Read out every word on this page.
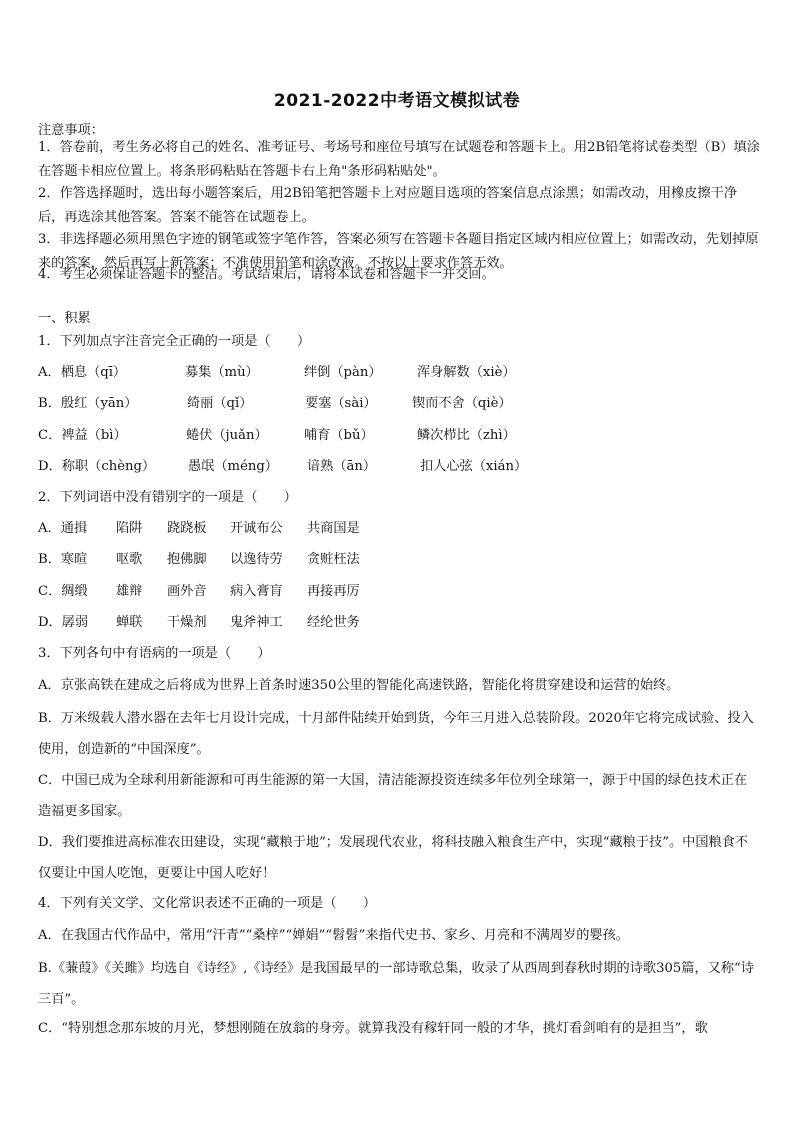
2021-2022中考语文模拟试卷
注意事项：
1．答卷前，考生务必将自己的姓名、准考证号、考场号和座位号填写在试题卷和答题卡上。用2B铅笔将试卷类型（B）填涂在答题卡相应位置上。将条形码粘贴在答题卡右上角"条形码粘贴处"。
2．作答选择题时，选出每小题答案后，用2B铅笔把答题卡上对应题目选项的答案信息点涂黑；如需改动，用橡皮擦干净后，再选涂其他答案。答案不能答在试题卷上。
3．非选择题必须用黑色字迹的钢笔或签字笔作答，答案必须写在答题卡各题目指定区域内相应位置上；如需改动，先划掉原来的答案，然后再写上新答案；不准使用铅笔和涂改液。不按以上要求作答无效。
4．考生必须保证答题卡的整洁。考试结束后，请将本试卷和答题卡一并交回。
一、积累
1．下列加点字注音完全正确的一项是（　　）
A．栖息（qī）	募集（mù）	绊倒（pàn）	浑身解数（xiè）
B．殷红（yān）	绮丽（qǐ）	要塞（sài）	锲而不舍（qiè）
C．裨益（bì）	蜷伏（juǎn）	哺育（bǔ）	鳞次栉比（zhì）
D．称职（chèng） 愚氓（méng） 谙熟（ān）	扣人心弦（xián）
2．下列词语中没有错别字的一项是（　　）
A．通揖 陷阱 跷跷板 开诚布公 共商国是
B．寒暄 呕歌 抱佛脚 以逸待劳 贪赃枉法
C．绸缎 雄辩 画外音 病入膏肓 再接再厉
D．孱弱 蝉联 干燥剂 鬼斧神工 经纶世务
3．下列各句中有语病的一项是（　　）
A．京张高铁在建成之后将成为世界上首条时速350公里的智能化高速铁路，智能化将贯穿建设和运营的始终。
B．万米级载人潜水器在去年七月设计完成，十月部件陆续开始到货，今年三月进入总装阶段。2020年它将完成试验、投入使用，创造新的“中国深度”。
C．中国已成为全球利用新能源和可再生能源的第一大国，清洁能源投资连续多年位列全球第一，源于中国的绿色技术正在造福更多国家。
D．我们要推进高标准农田建设，实现“藏粮于地”；发展现代农业，将科技融入粮食生产中，实现“藏粮于技”。中国粮食不仅要让中国人吃饱，更要让中国人吃好！
4．下列有关文学、文化常识表述不正确的一项是（　　）
A．在我国古代作品中，常用“汗青”“桑梓”“婵娟”“髫髫”来指代史书、家乡、月亮和不满周岁的婴孩。
B.《蒹葭》《关雎》均选自《诗经》,《诗经》是我国最早的一部诗歌总集，收录了从西周到春秋时期的诗歌305篇，又称“诗三百”。
C．“特别想念那东坡的月光，梦想刚随在放翁的身旁。就算我没有稼轩同一般的才华，挑灯看剑咱有的是担当”，歌
